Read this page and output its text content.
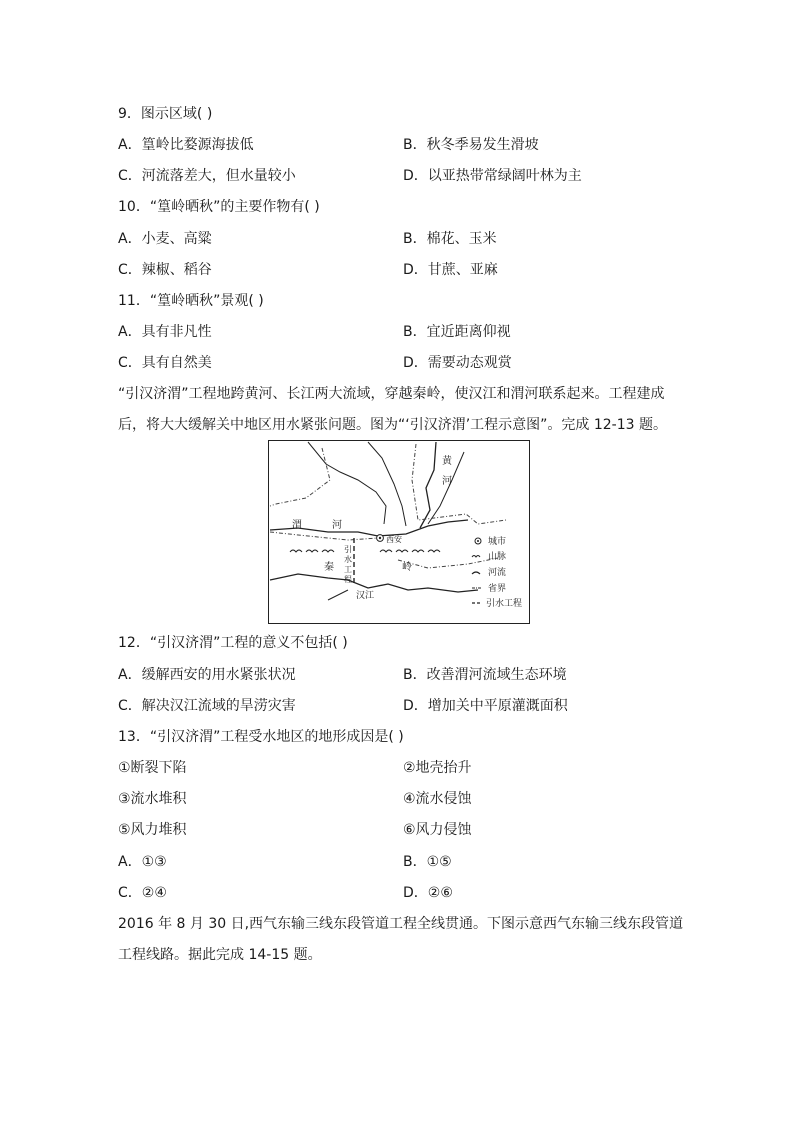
9．图示区域( )
A．篁岭比婺源海拔低	B．秋冬季易发生滑坡
C．河流落差大，但水量较小	D．以亚热带常绿阔叶林为主
10．“篁岭晒秋”的主要作物有( )
A．小麦、高粱	B．棉花、玉米
C．辣椒、稻谷	D．甘蔗、亚麻
11．“篁岭晒秋”景观( )
A．具有非凡性	B．宜近距离仰视
C．具有自然美	D．需要动态观赏
“引汉济渭”工程地跨黄河、长江两大流域，穿越秦岭，使汉江和渭河联系起来。工程建成
后，将大大缓解关中地区用水紧张问题。图为“‘引汉济渭’工程示意图”。完成 12-13 题。
黄
河
渭	河
西安
秦	岭
汉江
引
水
工
程
城市
山脉
河流
省界
引水工程
12．“引汉济渭”工程的意义不包括( )
A．缓解西安的用水紧张状况	B．改善渭河流域生态环境
C．解决汉江流域的旱涝灾害	D．增加关中平原灌溉面积
13．“引汉济渭”工程受水地区的地形成因是( )
①断裂下陷	②地壳抬升
③流水堆积	④流水侵蚀
⑤风力堆积	⑥风力侵蚀
A．①③	B．①⑤
C．②④	D．②⑥
2016 年 8 月 30 日,西气东输三线东段管道工程全线贯通。下图示意西气东输三线东段管道
工程线路。据此完成 14-15 题。
